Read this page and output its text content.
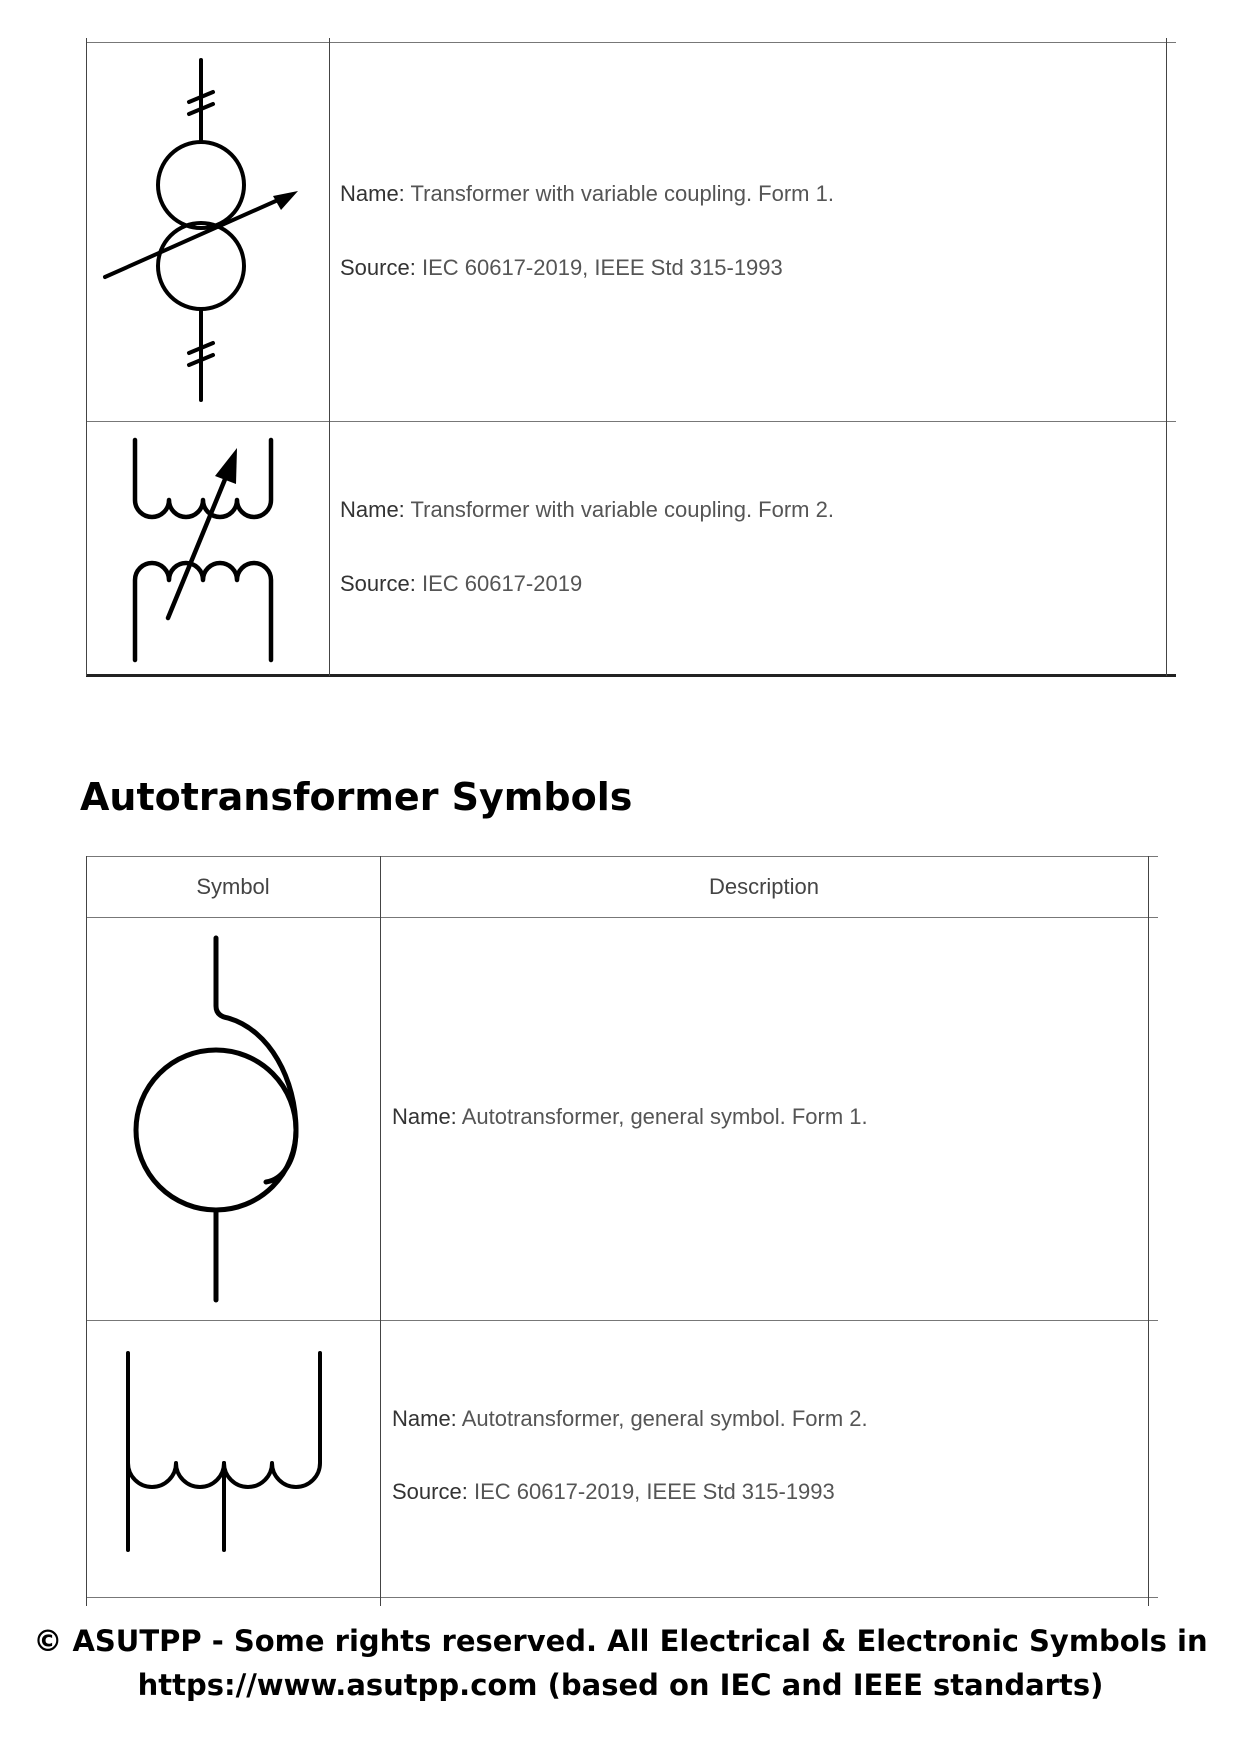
Name: Transformer with variable coupling. Form 1.
Source: IEC 60617-2019, IEEE Std 315-1993
Name: Transformer with variable coupling. Form 2.
Source: IEC 60617-2019
Autotransformer Symbols
Symbol	Description
Name: Autotransformer, general symbol. Form 1.
Name: Autotransformer, general symbol. Form 2.
Source: IEC 60617-2019, IEEE Std 315-1993
© ASUTPP - Some rights reserved. All Electrical & Electronic Symbols in
https://www.asutpp.com (based on IEC and IEEE standarts)
